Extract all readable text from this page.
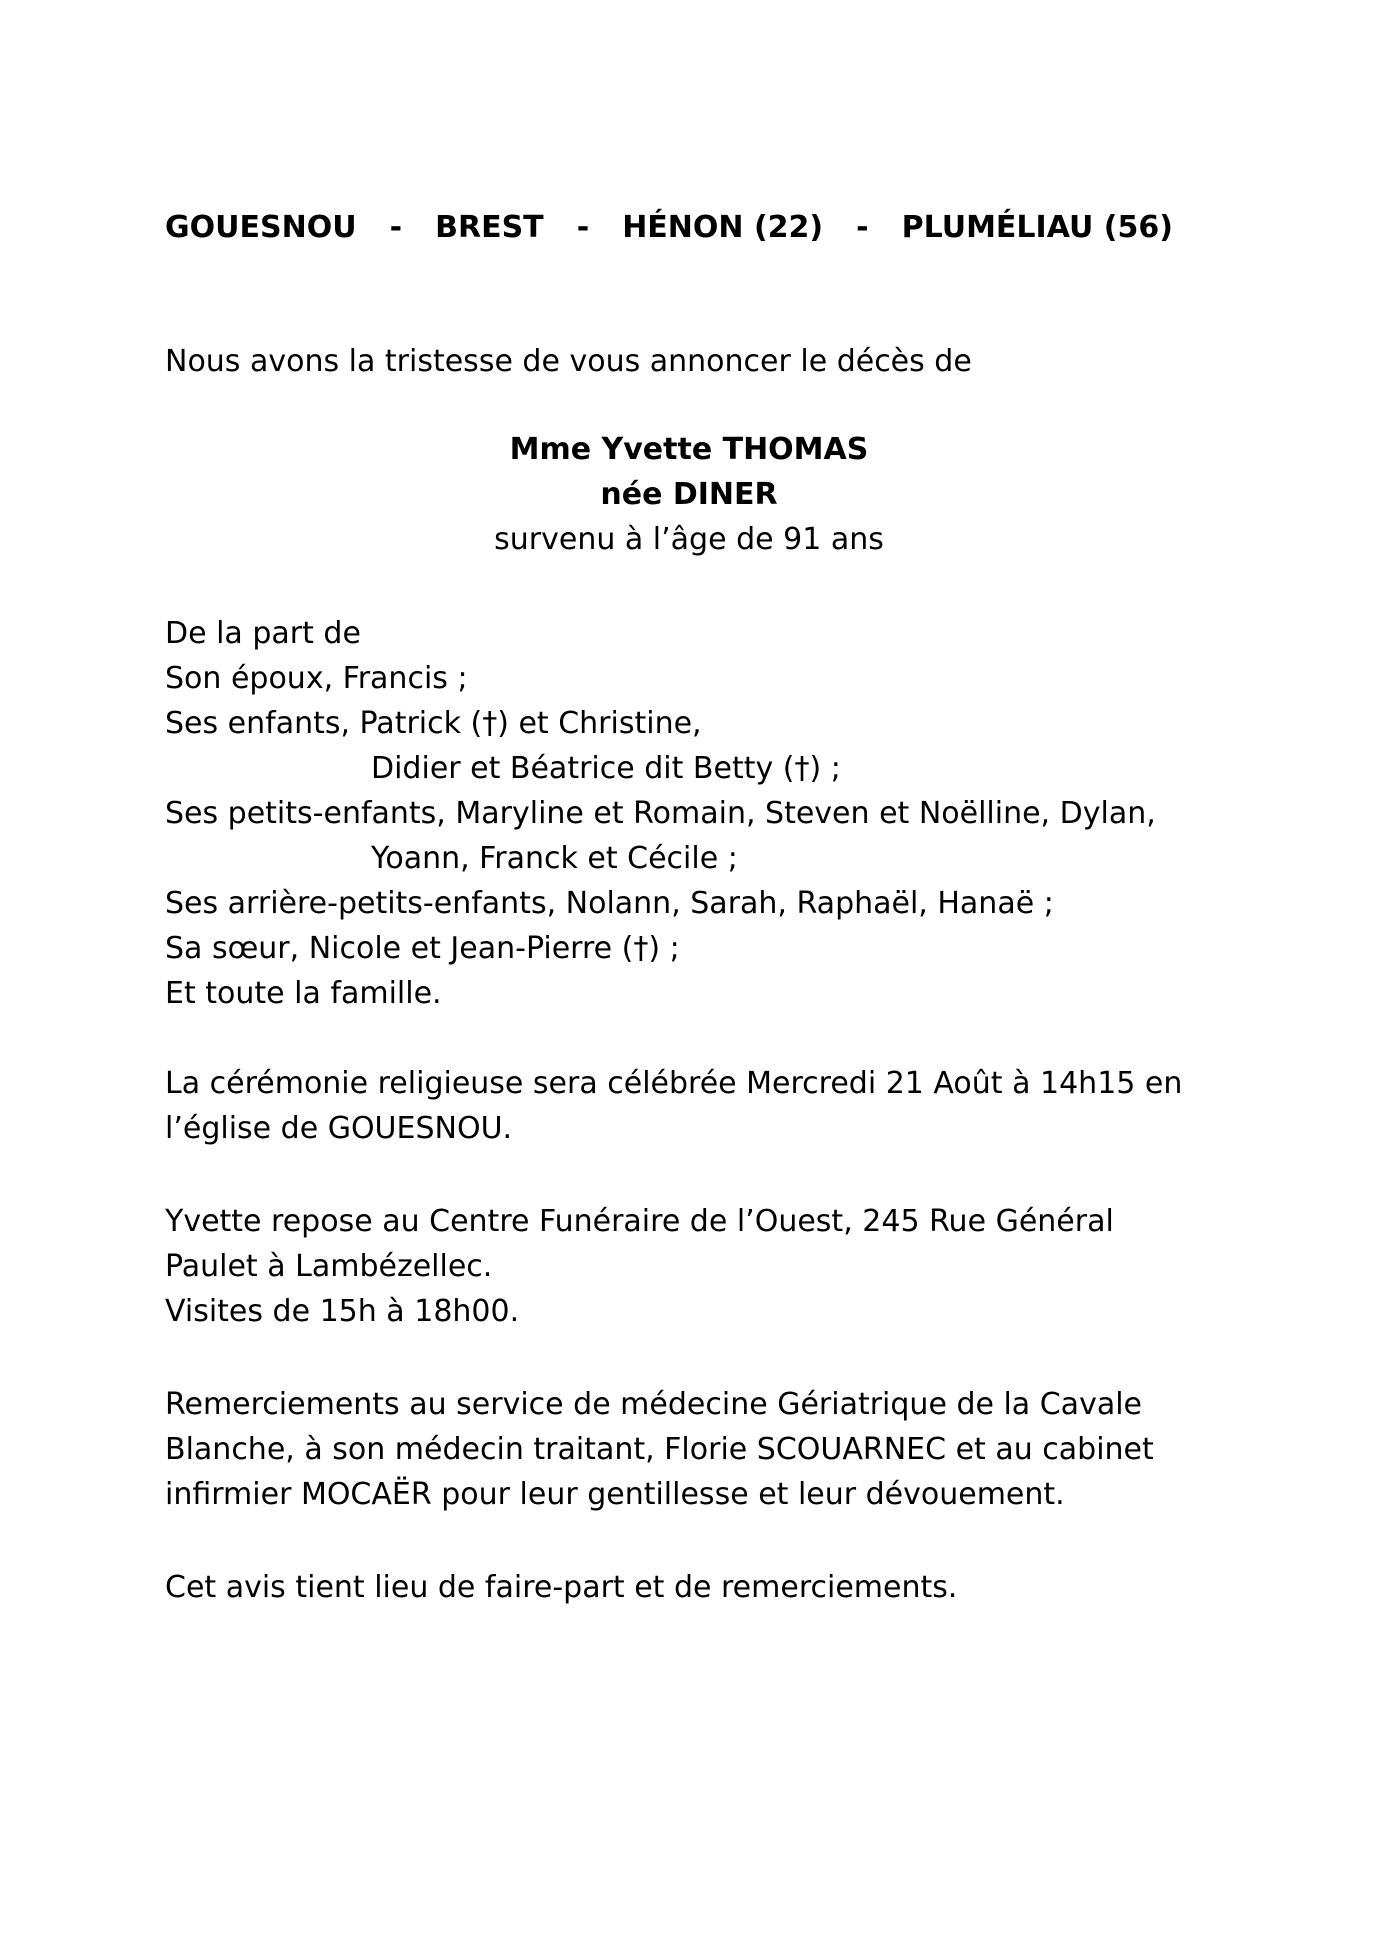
GOUESNOU - BREST - HÉNON (22) - PLUMÉLIAU (56)
Nous avons la tristesse de vous annoncer le décès de
Mme Yvette THOMAS
née DINER
survenu à l’âge de 91 ans
De la part de
Son époux, Francis ;
Ses enfants, Patrick (†) et Christine,
Didier et Béatrice dit Betty (†) ;
Ses petits-enfants, Maryline et Romain, Steven et Noëlline, Dylan,
Yoann, Franck et Cécile ;
Ses arrière-petits-enfants, Nolann, Sarah, Raphaël, Hanaë ;
Sa sœur, Nicole et Jean-Pierre (†) ;
Et toute la famille.
La cérémonie religieuse sera célébrée Mercredi 21 Août à 14h15 en
l’église de GOUESNOU.
Yvette repose au Centre Funéraire de l’Ouest, 245 Rue Général
Paulet à Lambézellec.
Visites de 15h à 18h00.
Remerciements au service de médecine Gériatrique de la Cavale
Blanche, à son médecin traitant, Florie SCOUARNEC et au cabinet
infirmier MOCAËR pour leur gentillesse et leur dévouement.
Cet avis tient lieu de faire-part et de remerciements.
